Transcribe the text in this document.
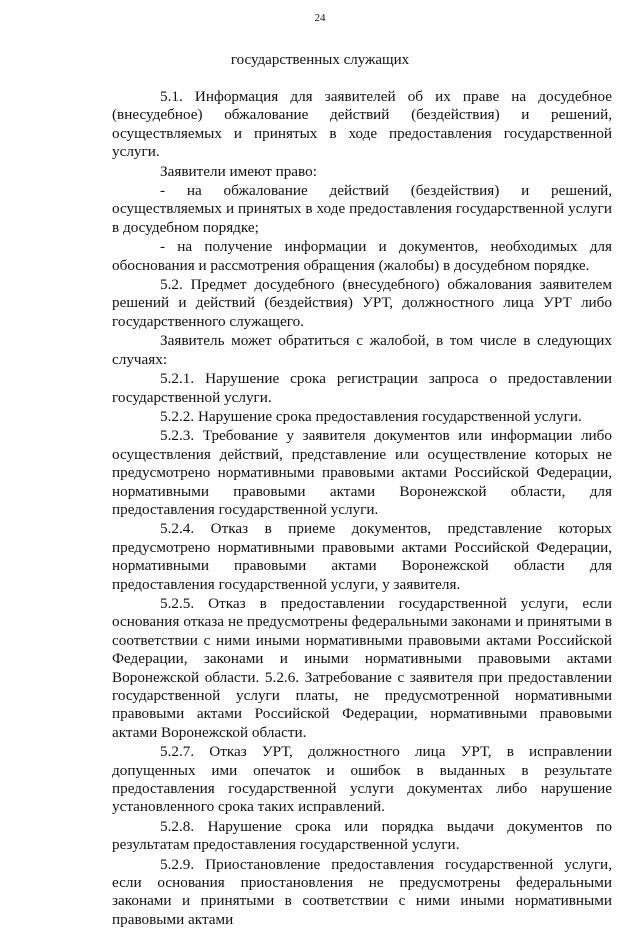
24
государственных служащих

5.1. Информация для заявителей об их праве на досудебное (внесудебное) обжалование действий (бездействия) и решений, осуществляемых и принятых в ходе предоставления государственной услуги.

Заявители имеют право:

- на обжалование действий (бездействия) и решений, осуществляемых и принятых в ходе предоставления государственной услуги в досудебном порядке;

- на получение информации и документов, необходимых для обоснования и рассмотрения обращения (жалобы) в досудебном порядке.

5.2. Предмет досудебного (внесудебного) обжалования заявителем решений и действий (бездействия) УРТ, должностного лица УРТ либо государственного служащего.

Заявитель может обратиться с жалобой, в том числе в следующих случаях:

5.2.1. Нарушение срока регистрации запроса о предоставлении государственной услуги.

5.2.2. Нарушение срока предоставления государственной услуги.

5.2.3. Требование у заявителя документов или информации либо осуществления действий, представление или осуществление которых не предусмотрено нормативными правовыми актами Российской Федерации, нормативными правовыми актами Воронежской области, для предоставления государственной услуги.

5.2.4. Отказ в приеме документов, представление которых предусмотрено нормативными правовыми актами Российской Федерации, нормативными правовыми актами Воронежской области для предоставления государственной услуги, у заявителя.

5.2.5. Отказ в предоставлении государственной услуги, если основания отказа не предусмотрены федеральными законами и принятыми в соответствии с ними иными нормативными правовыми актами Российской Федерации, законами и иными нормативными правовыми актами Воронежской области. 5.2.6. Затребование с заявителя при предоставлении государственной услуги платы, не предусмотренной нормативными правовыми актами Российской Федерации, нормативными правовыми актами Воронежской области.

5.2.7. Отказ УРТ, должностного лица УРТ, в исправлении допущенных ими опечаток и ошибок в выданных в результате предоставления государственной услуги документах либо нарушение установленного срока таких исправлений.

5.2.8. Нарушение срока или порядка выдачи документов по результатам предоставления государственной услуги.

5.2.9. Приостановление предоставления государственной услуги, если основания приостановления не предусмотрены федеральными законами и принятыми в соответствии с ними иными нормативными правовыми актами
